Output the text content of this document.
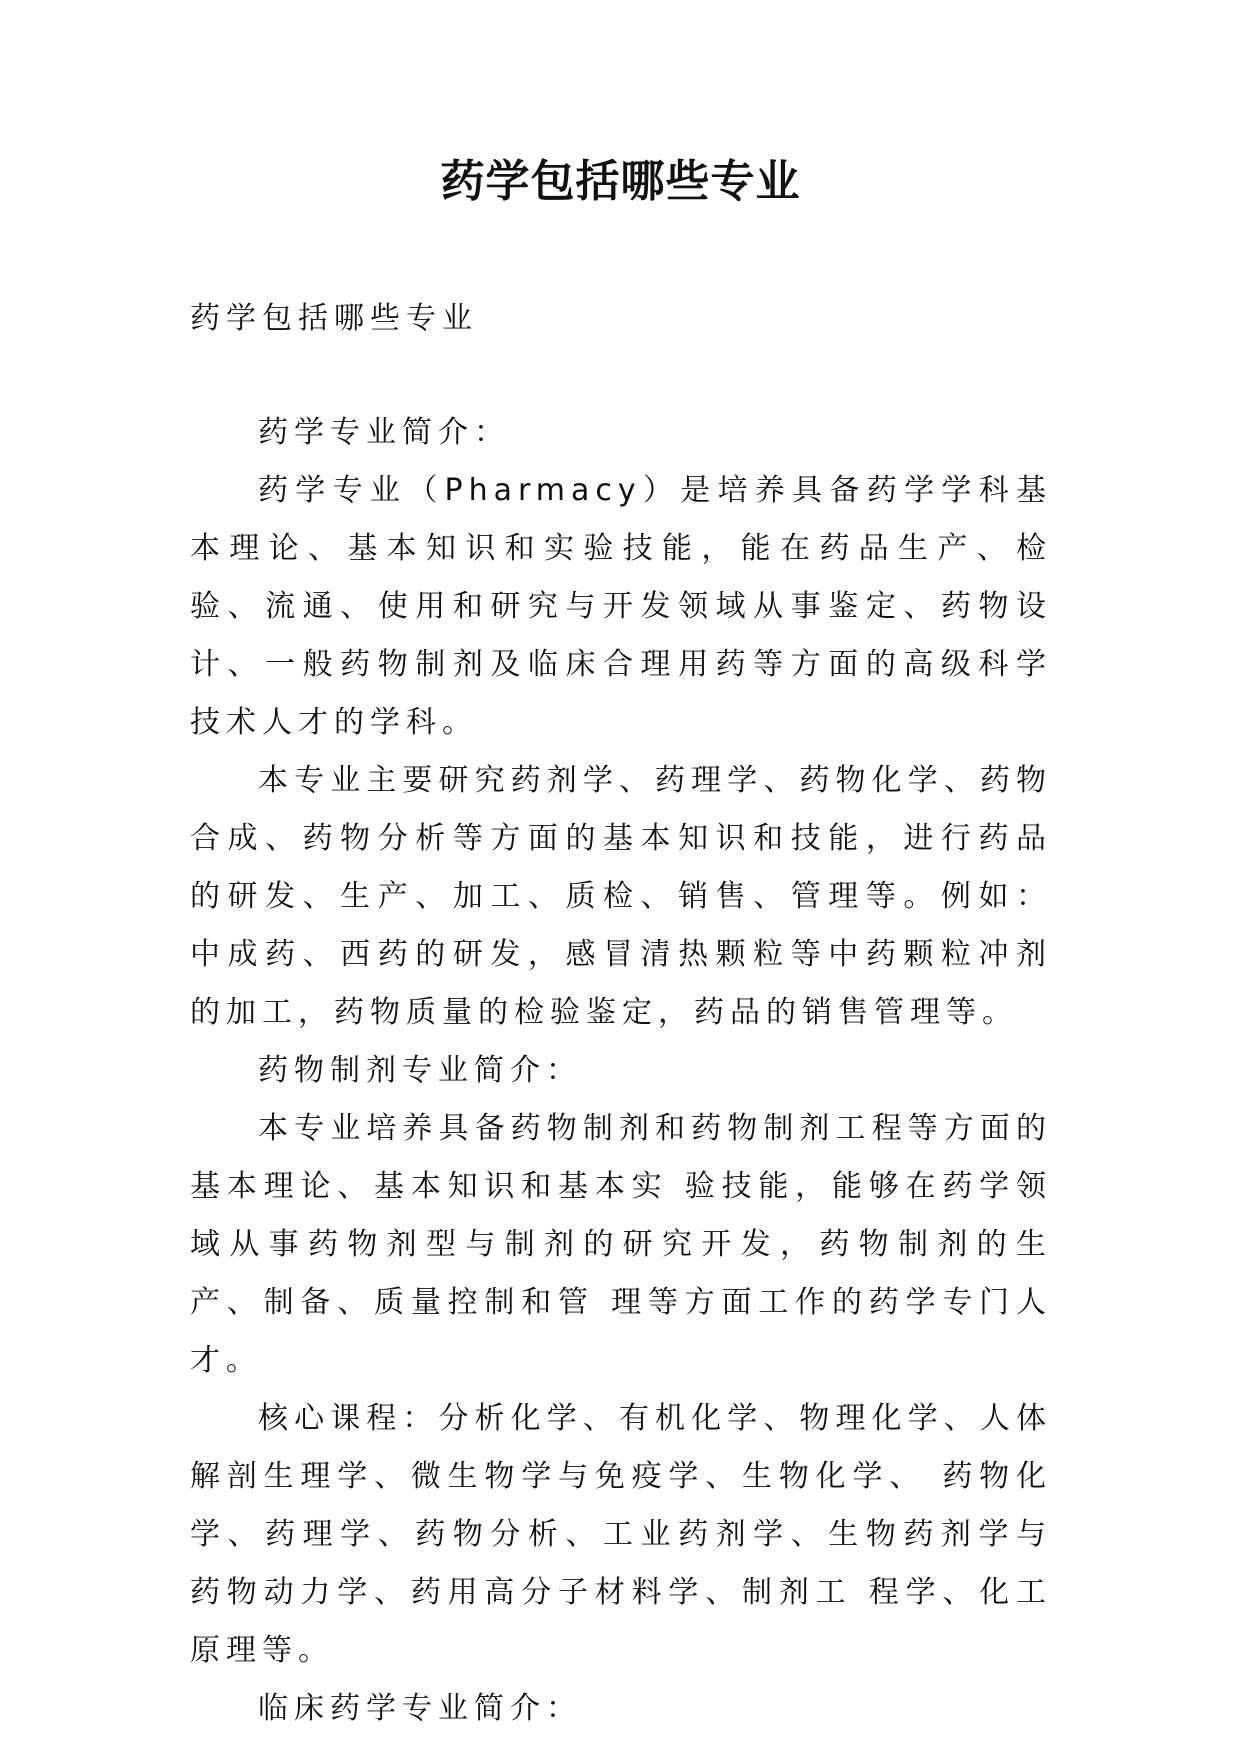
药学包括哪些专业
药学包括哪些专业

药学专业简介：

药学专业（Pharmacy）是培养具备药学学科基本理论、基本知识和实验技能，能在药品生产、检验、流通、使用和研究与开发领域从事鉴定、药物设计、一般药物制剂及临床合理用药等方面的高级科学技术人才的学科。

本专业主要研究药剂学、药理学、药物化学、药物合成、药物分析等方面的基本知识和技能，进行药品的研发、生产、加工、质检、销售、管理等。例如：中成药、西药的研发，感冒清热颗粒等中药颗粒冲剂的加工，药物质量的检验鉴定，药品的销售管理等。

药物制剂专业简介：

本专业培养具备药物制剂和药物制剂工程等方面的基本理论、基本知识和基本实 验技能，能够在药学领域从事药物剂型与制剂的研究开发，药物制剂的生产、制备、质量控制和管 理等方面工作的药学专门人才。

核心课程：分析化学、有机化学、物理化学、人体解剖生理学、微生物学与免疫学、生物化学、 药物化学、药理学、药物分析、工业药剂学、生物药剂学与药物动力学、药用高分子材料学、制剂工 程学、化工原理等。

临床药学专业简介：
